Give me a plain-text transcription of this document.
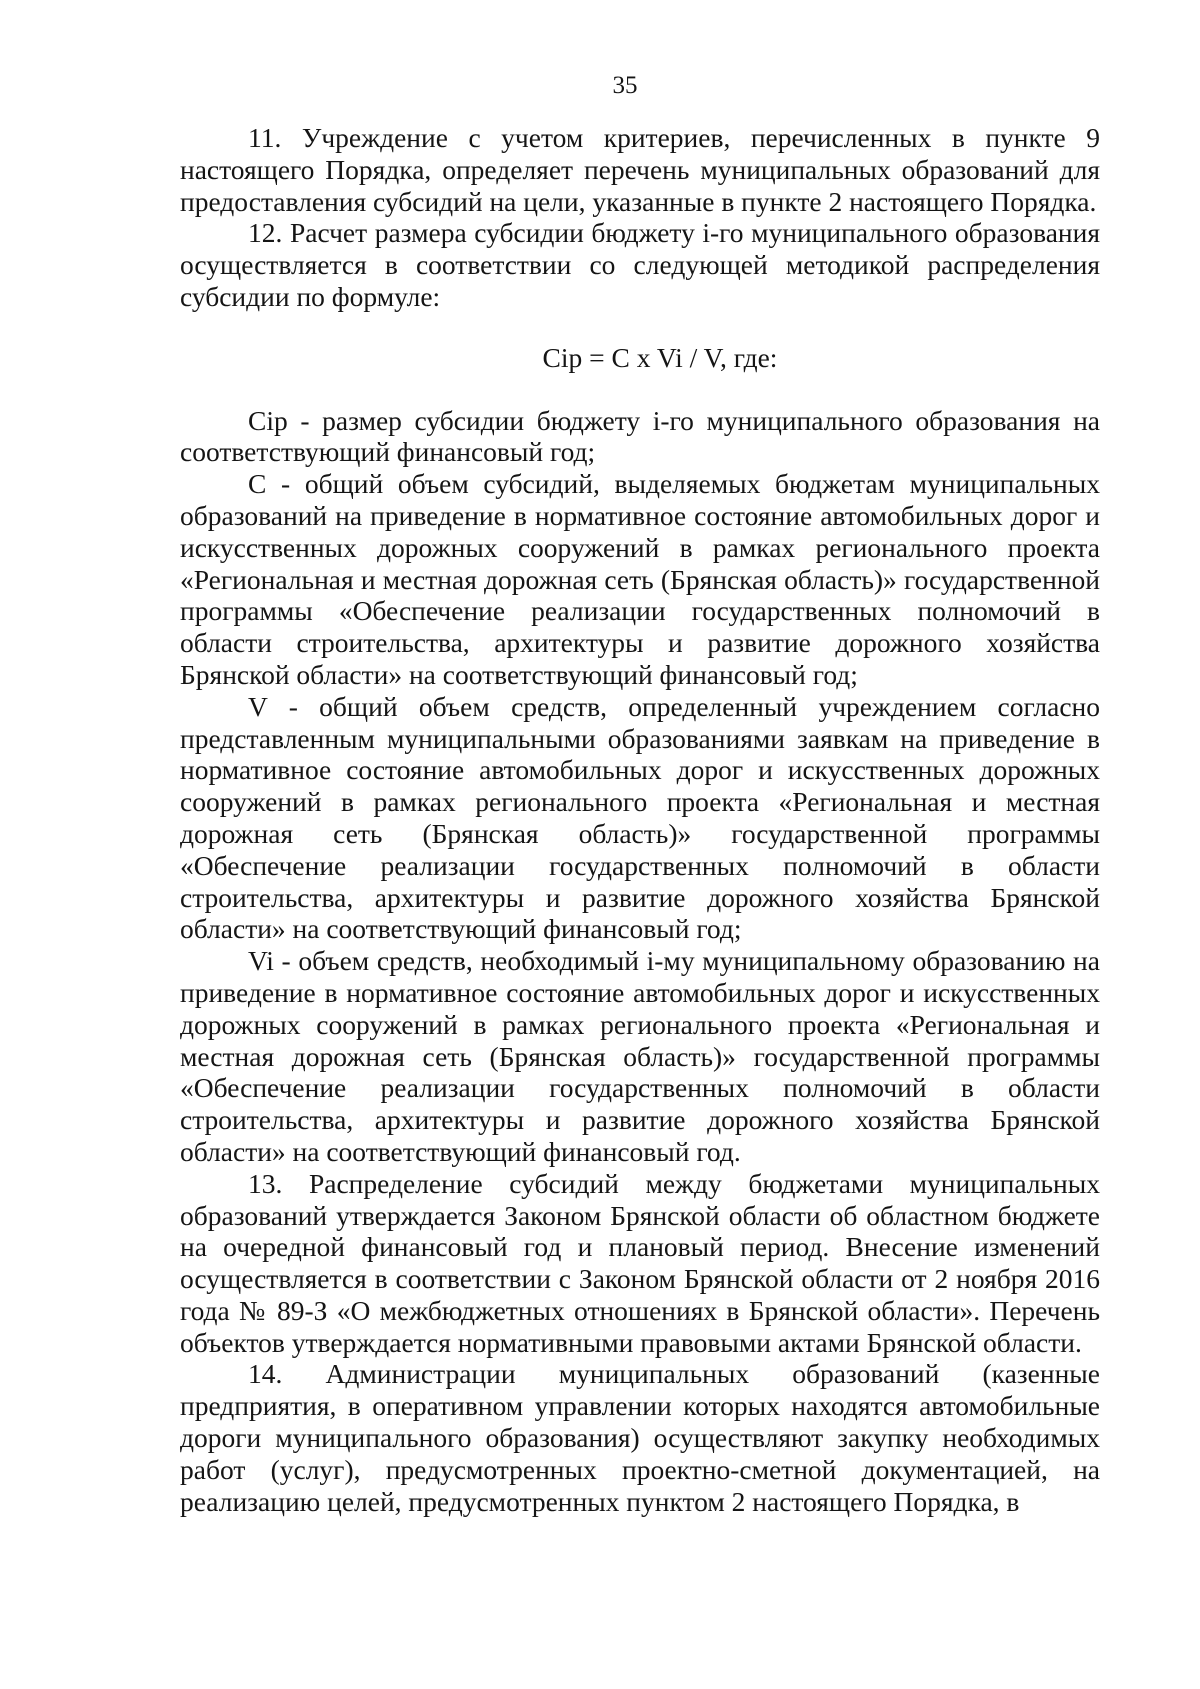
35

11. Учреждение с учетом критериев, перечисленных в пункте 9 настоящего Порядка, определяет перечень муниципальных образований для предоставления субсидий на цели, указанные в пункте 2 настоящего Порядка.

12. Расчет размера субсидии бюджету i-го муниципального образования осуществляется в соответствии со следующей методикой распределения субсидии по формуле:

Сip = С x Vi / V, где:

Сip - размер субсидии бюджету i-го муниципального образования на соответствующий финансовый год;

С - общий объем субсидий, выделяемых бюджетам муниципальных образований на приведение в нормативное состояние автомобильных дорог и искусственных дорожных сооружений в рамках регионального проекта «Региональная и местная дорожная сеть (Брянская область)» государственной программы «Обеспечение реализации государственных полномочий в области строительства, архитектуры и развитие дорожного хозяйства Брянской области» на соответствующий финансовый год;

V - общий объем средств, определенный учреждением согласно представленным муниципальными образованиями заявкам на приведение в нормативное состояние автомобильных дорог и искусственных дорожных сооружений в рамках регионального проекта «Региональная и местная дорожная сеть (Брянская область)» государственной программы «Обеспечение реализации государственных полномочий в области строительства, архитектуры и развитие дорожного хозяйства Брянской области» на соответствующий финансовый год;

Vi - объем средств, необходимый i-му муниципальному образованию на приведение в нормативное состояние автомобильных дорог и искусственных дорожных сооружений в рамках регионального проекта «Региональная и местная дорожная сеть (Брянская область)» государственной программы «Обеспечение реализации государственных полномочий в области строительства, архитектуры и развитие дорожного хозяйства Брянской области» на соответствующий финансовый год.

13. Распределение субсидий между бюджетами муниципальных образований утверждается Законом Брянской области об областном бюджете на очередной финансовый год и плановый период. Внесение изменений осуществляется в соответствии с Законом Брянской области от 2 ноября 2016 года № 89-З «О межбюджетных отношениях в Брянской области». Перечень объектов утверждается нормативными правовыми актами Брянской области.

14. Администрации муниципальных образований (казенные предприятия, в оперативном управлении которых находятся автомобильные дороги муниципального образования) осуществляют закупку необходимых работ (услуг), предусмотренных проектно-сметной документацией, на реализацию целей, предусмотренных пунктом 2 настоящего Порядка, в
